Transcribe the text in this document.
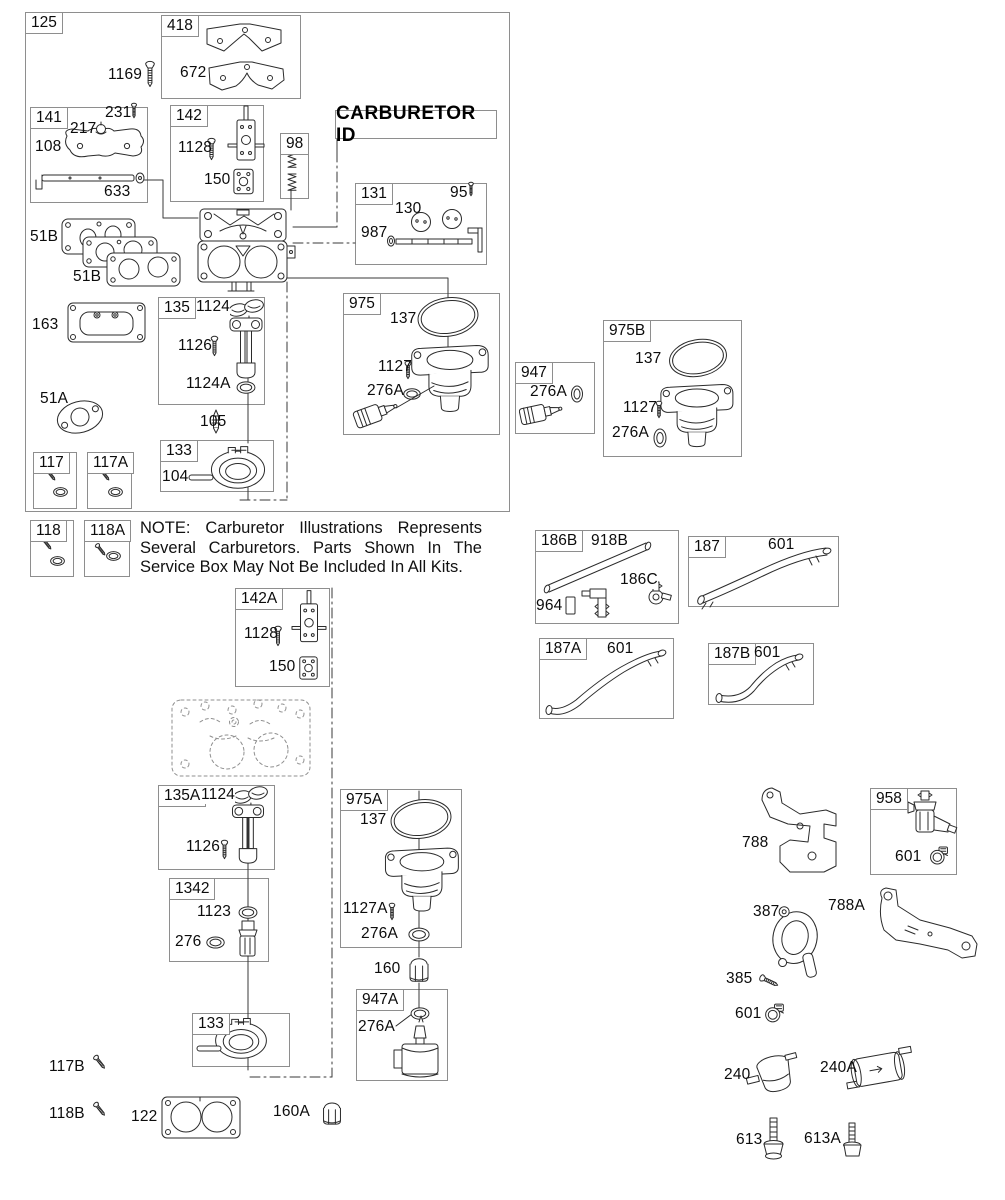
125	418
141	142
98
CARBURETOR ID
131
135
133
117	117A
118	118A
975
947
975B
186B	187
187A	187B
142A
135A
1342
975A
947A
133
958
1169 672
231
217
108
633
1128
150
95
130
987
51B
51B
163
1124
1126
1124A
51A
105
104
137
1127
276A	276A
137
1127
276A
918B
186C
964
601
601	601
1128
150
1124
1126
1123
276
137
1127A
276A
160
276A
117B
118B	122	160A
788
387	788A
385
601
601
240	240A
613	613A
NOTE: Carburetor Illustrations Represents
Several Carburetors. Parts Shown In The
Service Box May Not Be Included In All Kits.
